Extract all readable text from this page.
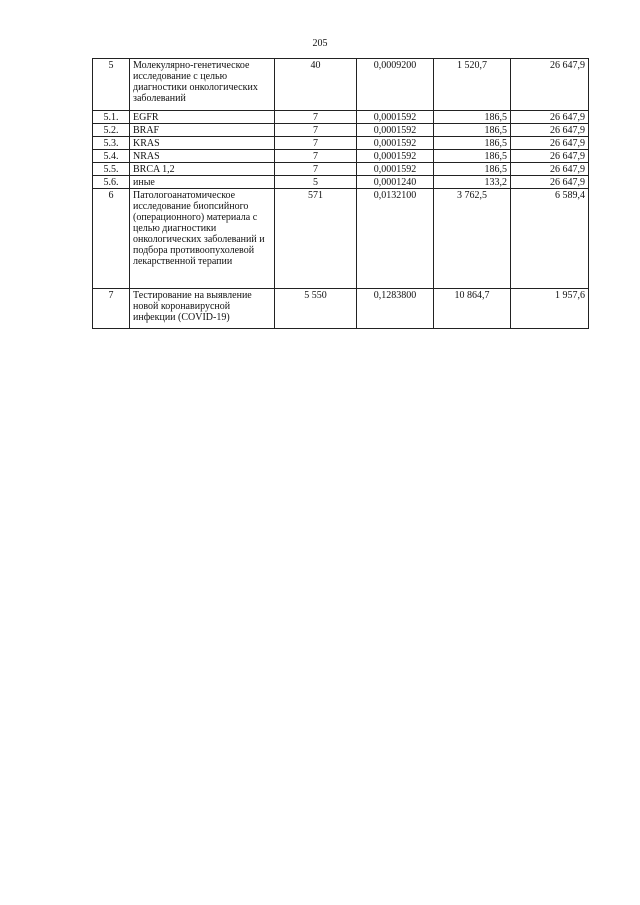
205
5	Молекулярно-генетическое исследование с целью диагностики онкологических заболеваний	40	0,0009200	1 520,7	26 647,9
5.1.	EGFR	7	0,0001592	186,5	26 647,9
5.2.	BRAF	7	0,0001592	186,5	26 647,9
5.3.	KRAS	7	0,0001592	186,5	26 647,9
5.4.	NRAS	7	0,0001592	186,5	26 647,9
5.5.	BRCA 1,2	7	0,0001592	186,5	26 647,9
5.6.	иные	5	0,0001240	133,2	26 647,9
6	Патологоанатомическое исследование биопсийного (операционного) материала с целью диагностики онкологических заболеваний и подбора противоопухолевой лекарственной терапии	571	0,0132100	3 762,5	6 589,4
7	Тестирование на выявление новой коронавирусной инфекции (COVID-19)	5 550	0,1283800	10 864,7	1 957,6
